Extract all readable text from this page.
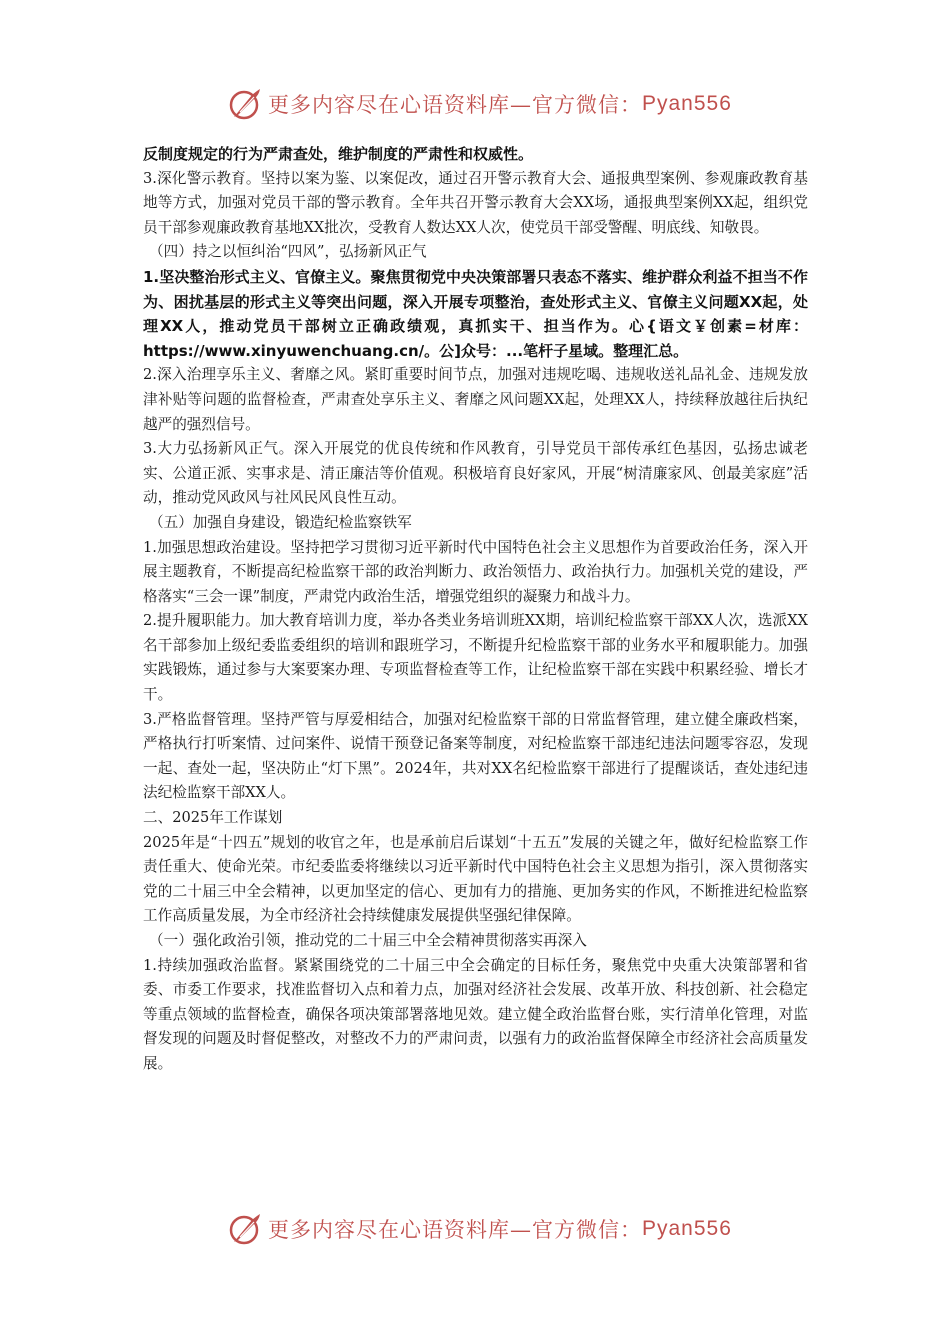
更多内容尽在心语资料库—官方微信： Pyan556

反制度规定的行为严肃查处，维护制度的严肃性和权威性。

3.深化警示教育。坚持以案为鉴、以案促改，通过召开警示教育大会、通报典型案例、参观廉政教育基地等方式，加强对党员干部的警示教育。全年共召开警示教育大会XX场，通报典型案例XX起，组织党员干部参观廉政教育基地XX批次，受教育人数达XX人次，使党员干部受警醒、明底线、知敬畏。

（四）持之以恒纠治“四风”，弘扬新风正气

1.坚决整治形式主义、官僚主义。聚焦贯彻党中央决策部署只表态不落实、维护群众利益不担当不作为、困扰基层的形式主义等突出问题，深入开展专项整治，查处形式主义、官僚主义问题XX起，处理XX人，推动党员干部树立正确政绩观，真抓实干、担当作为。心{语文￥创素=材库：https://www.xinyuwenchuang.cn/。公]众号：...笔杆子星域。整理汇总。

2.深入治理享乐主义、奢靡之风。紧盯重要时间节点，加强对违规吃喝、违规收送礼品礼金、违规发放津补贴等问题的监督检查，严肃查处享乐主义、奢靡之风问题XX起，处理XX人，持续释放越往后执纪越严的强烈信号。

3.大力弘扬新风正气。深入开展党的优良传统和作风教育，引导党员干部传承红色基因，弘扬忠诚老实、公道正派、实事求是、清正廉洁等价值观。积极培育良好家风，开展“树清廉家风、创最美家庭”活动，推动党风政风与社风民风良性互动。

（五）加强自身建设，锻造纪检监察铁军

1.加强思想政治建设。坚持把学习贯彻习近平新时代中国特色社会主义思想作为首要政治任务，深入开展主题教育，不断提高纪检监察干部的政治判断力、政治领悟力、政治执行力。加强机关党的建设，严格落实“三会一课”制度，严肃党内政治生活，增强党组织的凝聚力和战斗力。

2.提升履职能力。加大教育培训力度，举办各类业务培训班XX期，培训纪检监察干部XX人次，选派XX名干部参加上级纪委监委组织的培训和跟班学习，不断提升纪检监察干部的业务水平和履职能力。加强实践锻炼，通过参与大案要案办理、专项监督检查等工作，让纪检监察干部在实践中积累经验、增长才干。

3.严格监督管理。坚持严管与厚爱相结合，加强对纪检监察干部的日常监督管理，建立健全廉政档案，严格执行打听案情、过问案件、说情干预登记备案等制度，对纪检监察干部违纪违法问题零容忍，发现一起、查处一起，坚决防止“灯下黑”。2024年，共对XX名纪检监察干部进行了提醒谈话，查处违纪违法纪检监察干部XX人。

二、2025年工作谋划

2025年是“十四五”规划的收官之年，也是承前启后谋划“十五五”发展的关键之年，做好纪检监察工作责任重大、使命光荣。市纪委监委将继续以习近平新时代中国特色社会主义思想为指引，深入贯彻落实党的二十届三中全会精神，以更加坚定的信心、更加有力的措施、更加务实的作风，不断推进纪检监察工作高质量发展，为全市经济社会持续健康发展提供坚强纪律保障。

（一）强化政治引领，推动党的二十届三中全会精神贯彻落实再深入

1.持续加强政治监督。紧紧围绕党的二十届三中全会确定的目标任务，聚焦党中央重大决策部署和省委、市委工作要求，找准监督切入点和着力点，加强对经济社会发展、改革开放、科技创新、社会稳定等重点领域的监督检查，确保各项决策部署落地见效。建立健全政治监督台账，实行清单化管理，对监督发现的问题及时督促整改，对整改不力的严肃问责，以强有力的政治监督保障全市经济社会高质量发展。

更多内容尽在心语资料库—官方微信： Pyan556
